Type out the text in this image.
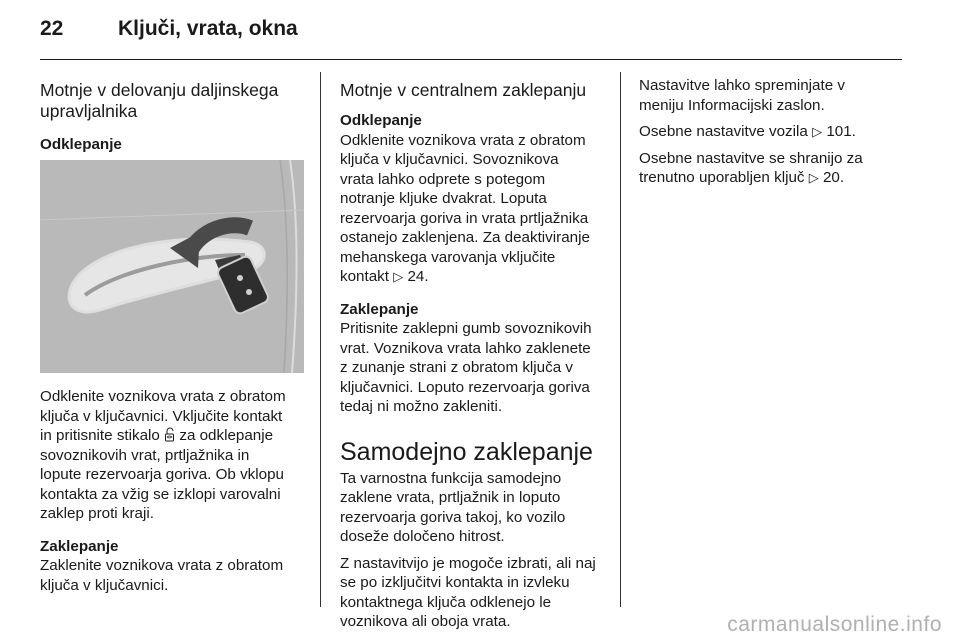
22	Ključi, vrata, okna
Motnje v delovanju daljinskega
upravljalnika
Odklepanje

Odklenite voznikova vrata z obratom
ključa v ključavnici. Vključite kontakt
in pritisnite stikalo za odklepanje
sovoznikovih vrat, prtljažnika in
lopute rezervoarja goriva. Ob vklopu
kontakta za vžig se izklopi varovalni
zaklep proti kraji.

Zaklepanje

Zaklenite voznikova vrata z obratom
ključa v ključavnici.

Motnje v centralnem zaklepanju
Odklepanje

Odklenite voznikova vrata z obratom
ključa v ključavnici. Sovoznikova
vrata lahko odprete s potegom
notranje kljuke dvakrat. Loputa
rezervoarja goriva in vrata prtljažnika
ostanejo zaklenjena. Za deaktiviranje
mehanskega varovanja vključite
kontakt ▷ 24.

Zaklepanje

Pritisnite zaklepni gumb sovoznikovih
vrat. Voznikova vrata lahko zaklenete
z zunanje strani z obratom ključa v
ključavnici. Loputo rezervoarja goriva
tedaj ni možno zakleniti.

Samodejno zaklepanje

Ta varnostna funkcija samodejno
zaklene vrata, prtljažnik in loputo
rezervoarja goriva takoj, ko vozilo
doseže določeno hitrost.

Z nastavitvijo je mogoče izbrati, ali naj
se po izključitvi kontakta in izvleku
kontaktnega ključa odklenejo le
voznikova ali oboja vrata.

Nastavitve lahko spreminjate v
meniju Informacijski zaslon.

Osebne nastavitve vozila ▷ 101.

Osebne nastavitve se shranijo za
trenutno uporabljen ključ ▷ 20.

carmanualsonline.info
